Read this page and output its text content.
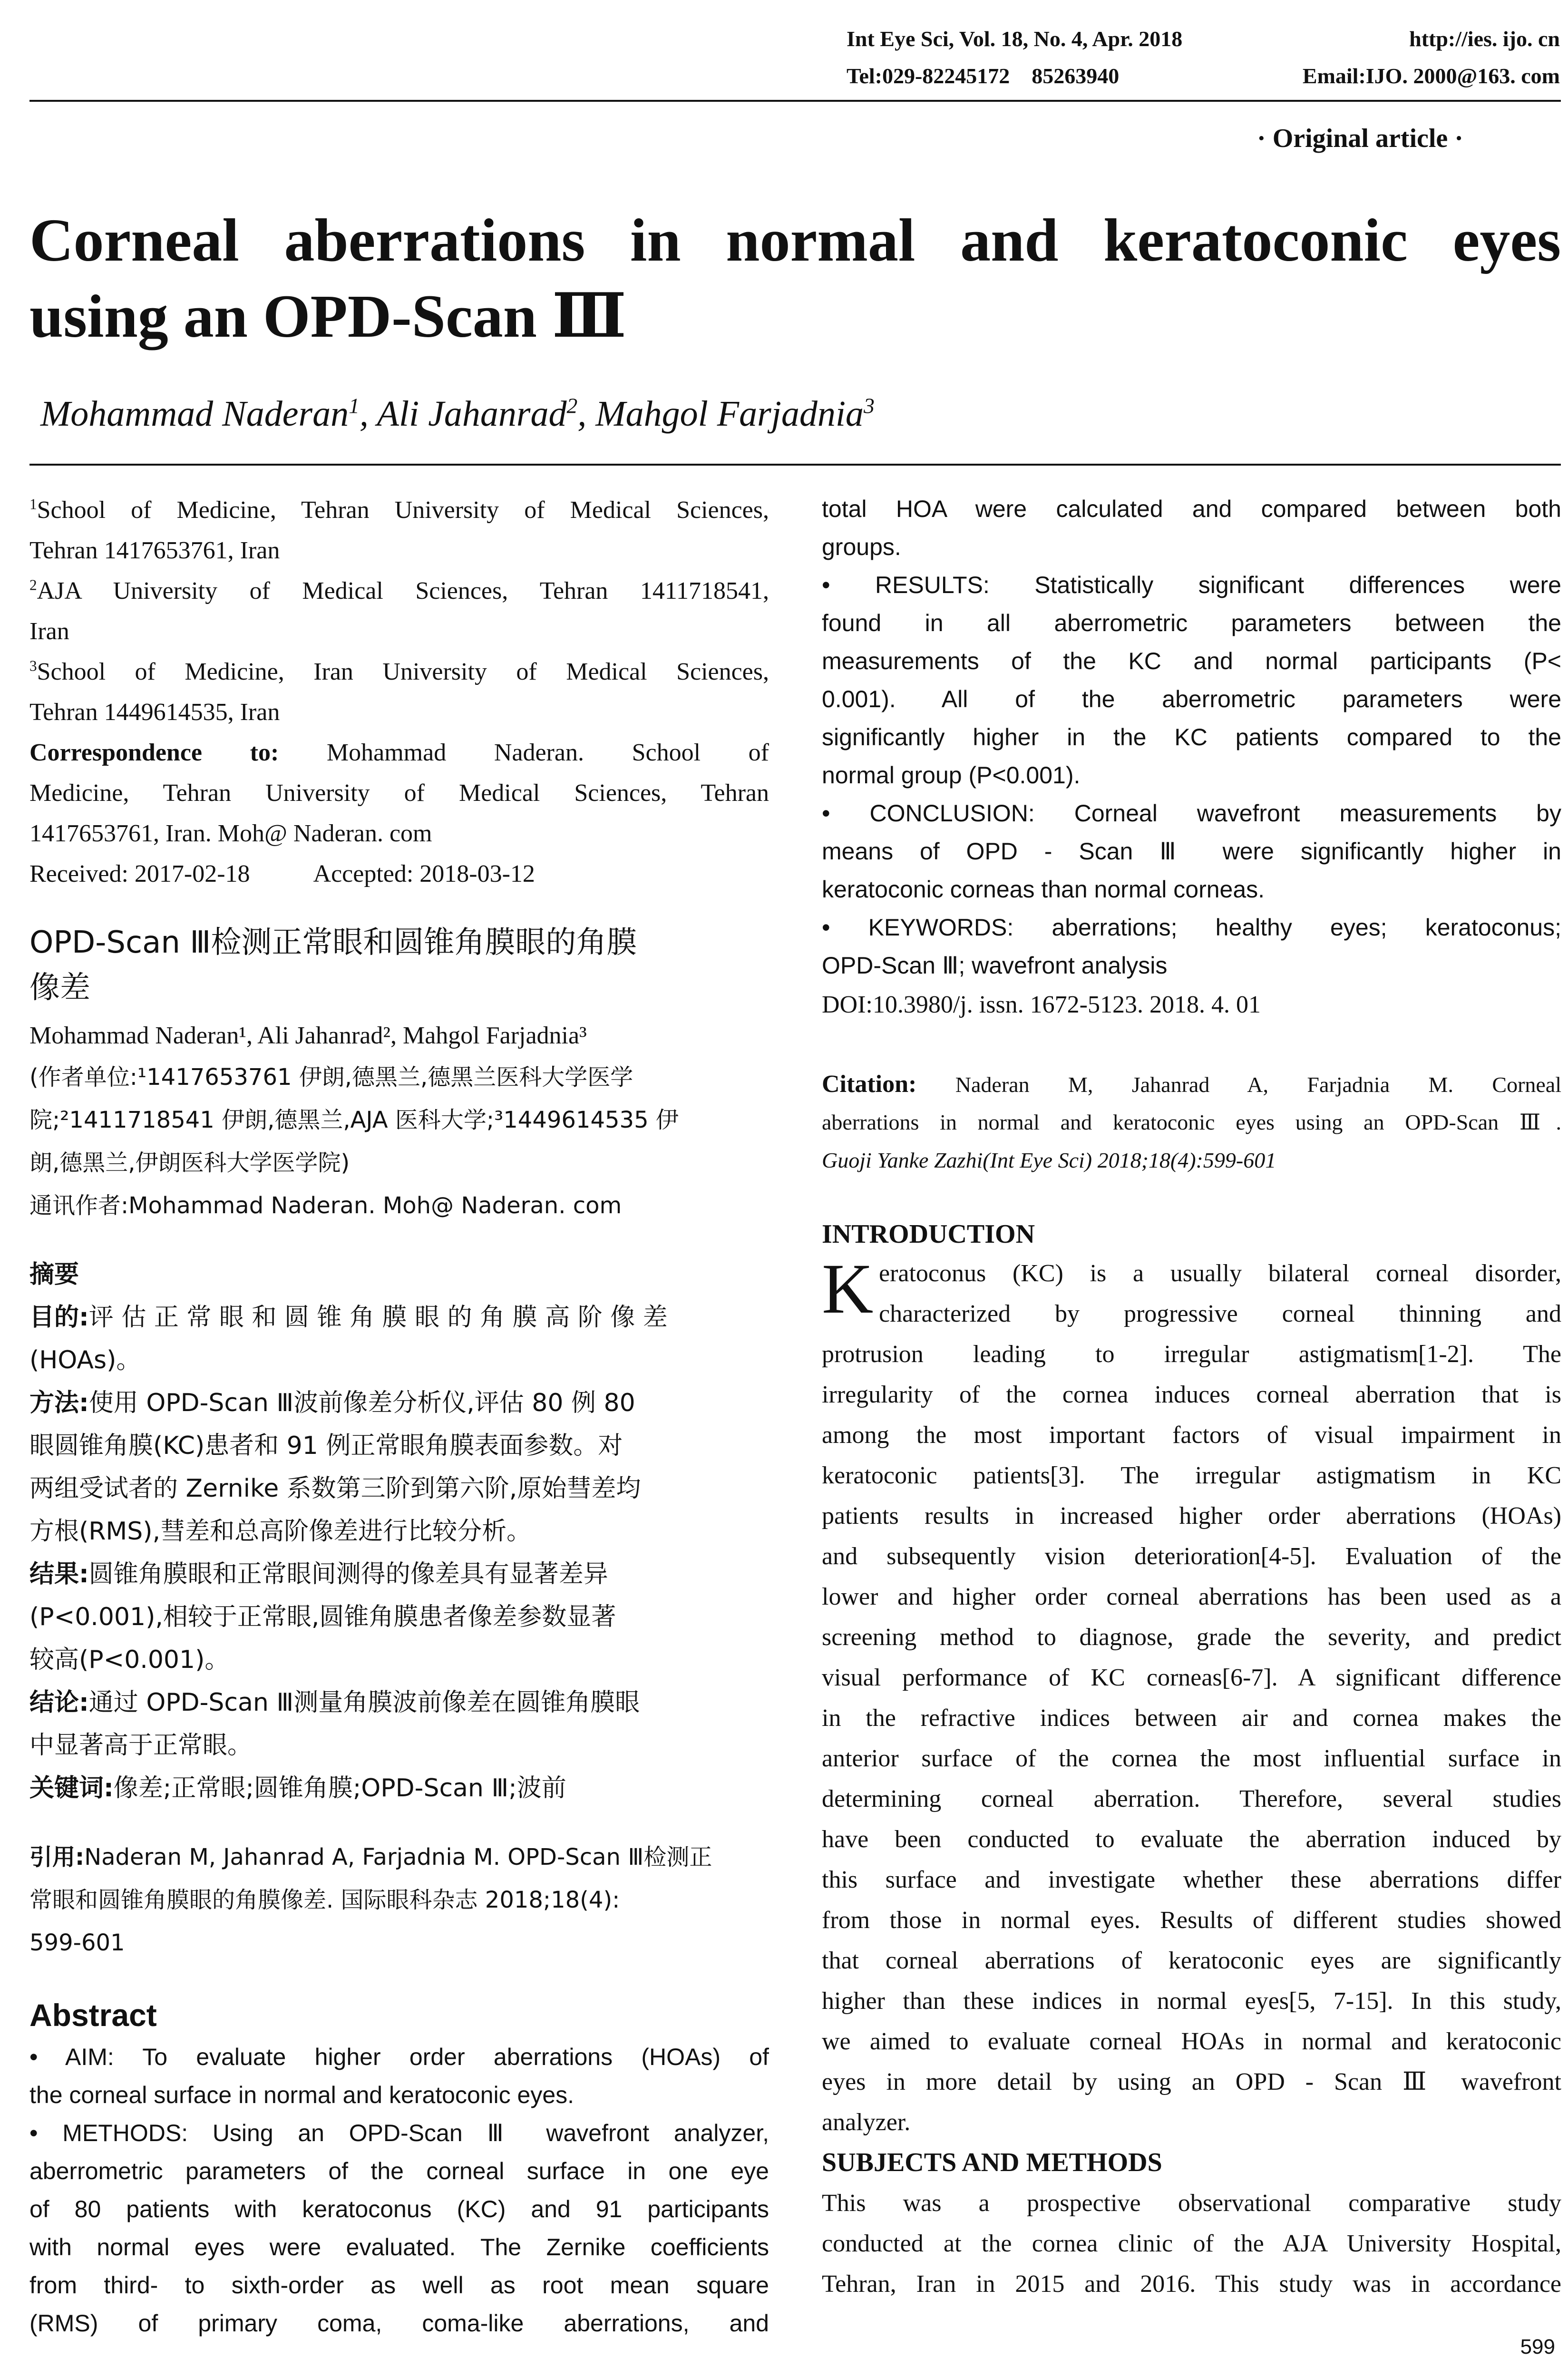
Int Eye Sci, Vol. 18, No. 4, Apr. 2018	http://ies. ijo. cn
Tel:029-82245172    85263940	Email:IJO. 2000@163. com
· Original article ·
Corneal aberrations in normal and keratoconic eyes
using an OPD-Scan Ⅲ
Mohammad Naderan$^1$, Ali Jahanrad$^2$, Mahgol Farjadnia$^3$
$^1$School of Medicine, Tehran University of Medical Sciences,
Tehran 1417653761, Iran
$^2$AJA University of Medical Sciences, Tehran 1411718541,
Iran
$^3$School of Medicine, Iran University of Medical Sciences,
Tehran 1449614535, Iran
Correspondence to: Mohammad Naderan. School of
Medicine, Tehran University of Medical Sciences, Tehran
1417653761, Iran. Moh@ Naderan. com
Received: 2017-02-18	Accepted: 2018-03-12
OPD-Scan Ⅲ检测正常眼和圆锥角膜眼的角膜
像差
Mohammad Naderan¹, Ali Jahanrad², Mahgol Farjadnia³
(作者单位:¹1417653761 伊朗,德黑兰,德黑兰医科大学医学
院;²1411718541 伊朗,德黑兰,AJA 医科大学;³1449614535 伊
朗,德黑兰,伊朗医科大学医学院)
通讯作者:Mohammad Naderan. Moh@ Naderan. com
摘要
目的:评 估 正 常 眼 和 圆 锥 角 膜 眼 的 角 膜 高 阶 像 差
(HOAs)。
方法:使用 OPD-Scan Ⅲ波前像差分析仪,评估 80 例 80
眼圆锥角膜(KC)患者和 91 例正常眼角膜表面参数。对
两组受试者的 Zernike 系数第三阶到第六阶,原始彗差均
方根(RMS),彗差和总高阶像差进行比较分析。
结果:圆锥角膜眼和正常眼间测得的像差具有显著差异
(P<0.001),相较于正常眼,圆锥角膜患者像差参数显著
较高(P<0.001)。
结论:通过 OPD-Scan Ⅲ测量角膜波前像差在圆锥角膜眼
中显著高于正常眼。
关键词:像差;正常眼;圆锥角膜;OPD-Scan Ⅲ;波前
引用:Naderan M, Jahanrad A, Farjadnia M. OPD-Scan Ⅲ检测正
常眼和圆锥角膜眼的角膜像差. 国际眼科杂志 2018;18(4):
599-601
Abstract
• AIM: To evaluate higher order aberrations (HOAs) of
the corneal surface in normal and keratoconic eyes.
• METHODS: Using an OPD-Scan Ⅲ wavefront analyzer,
aberrometric parameters of the corneal surface in one eye
of 80 patients with keratoconus (KC) and 91 participants
with normal eyes were evaluated. The Zernike coefficients
from third- to sixth-order as well as root mean square
(RMS) of primary coma, coma-like aberrations, and
total HOA were calculated and compared between both
groups.
• RESULTS: Statistically significant differences were
found in all aberrometric parameters between the
measurements of the KC and normal participants (P<
0.001). All of the aberrometric parameters were
significantly higher in the KC patients compared to the
normal group (P<0.001).
• CONCLUSION: Corneal wavefront measurements by
means of OPD - Scan Ⅲ were significantly higher in
keratoconic corneas than normal corneas.
• KEYWORDS: aberrations; healthy eyes; keratoconus;
OPD-Scan Ⅲ; wavefront analysis
DOI:10.3980/j. issn. 1672-5123. 2018. 4. 01
Citation: Naderan M, Jahanrad A, Farjadnia M. Corneal
aberrations in normal and keratoconic eyes using an OPD-Scan Ⅲ.
Guoji Yanke Zazhi(Int Eye Sci) 2018;18(4):599-601
INTRODUCTION
K eratoconus (KC) is a usually bilateral corneal disorder,
characterized by progressive corneal thinning and
protrusion leading to irregular astigmatism[1-2]. The
irregularity of the cornea induces corneal aberration that is
among the most important factors of visual impairment in
keratoconic patients[3]. The irregular astigmatism in KC
patients results in increased higher order aberrations (HOAs)
and subsequently vision deterioration[4-5]. Evaluation of the
lower and higher order corneal aberrations has been used as a
screening method to diagnose, grade the severity, and predict
visual performance of KC corneas[6-7]. A significant difference
in the refractive indices between air and cornea makes the
anterior surface of the cornea the most influential surface in
determining corneal aberration. Therefore, several studies
have been conducted to evaluate the aberration induced by
this surface and investigate whether these aberrations differ
from those in normal eyes. Results of different studies showed
that corneal aberrations of keratoconic eyes are significantly
higher than these indices in normal eyes[5, 7-15]. In this study,
we aimed to evaluate corneal HOAs in normal and keratoconic
eyes in more detail by using an OPD - Scan Ⅲ wavefront
analyzer.
SUBJECTS AND METHODS
This was a prospective observational comparative study
conducted at the cornea clinic of the AJA University Hospital,
Tehran, Iran in 2015 and 2016. This study was in accordance
599
